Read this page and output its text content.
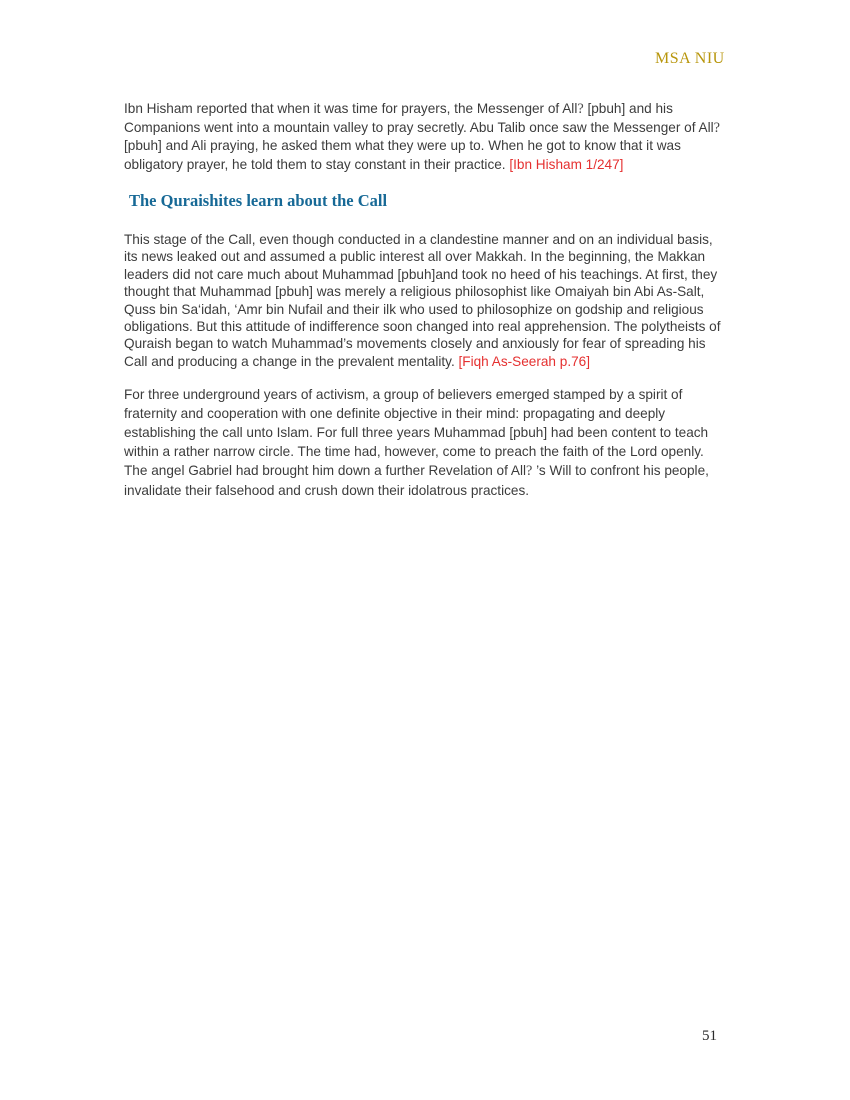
MSA NIU

Ibn Hisham reported that when it was time for prayers, the Messenger of All? [pbuh] and his Companions went into a mountain valley to pray secretly. Abu Talib once saw the Messenger of All?  [pbuh] and Ali praying, he asked them what they were up to. When he got to know that it was obligatory prayer, he told them to stay constant in their practice. [Ibn Hisham 1/247]

The Quraishites learn about the Call

This stage of the Call, even though conducted in a clandestine manner and on an individual basis, its news leaked out and assumed a public interest all over Makkah. In the beginning, the Makkan leaders did not care much about Muhammad [pbuh]and took no heed of his teachings. At first, they thought that Muhammad [pbuh] was merely a religious philosophist like Omaiyah bin Abi As-Salt, Quss bin Sa‘idah, ‘Amr bin Nufail and their ilk who used to philosophize on godship and religious obligations. But this attitude of indifference soon changed into real apprehension. The polytheists of Quraish began to watch Muhammad’s movements closely and anxiously for fear of spreading his Call and producing a change in the prevalent mentality. [Fiqh As-Seerah p.76]

For three underground years of activism, a group of believers emerged stamped by a spirit of fraternity and cooperation with one definite objective in their mind: propagating and deeply establishing the call unto Islam. For full three years Muhammad [pbuh] had been content to teach within a rather narrow circle. The time had, however, come to preach the faith of the Lord openly. The angel Gabriel had brought him down a further Revelation of All? ’s Will to confront his people, invalidate their falsehood and crush down their idolatrous practices.

51
